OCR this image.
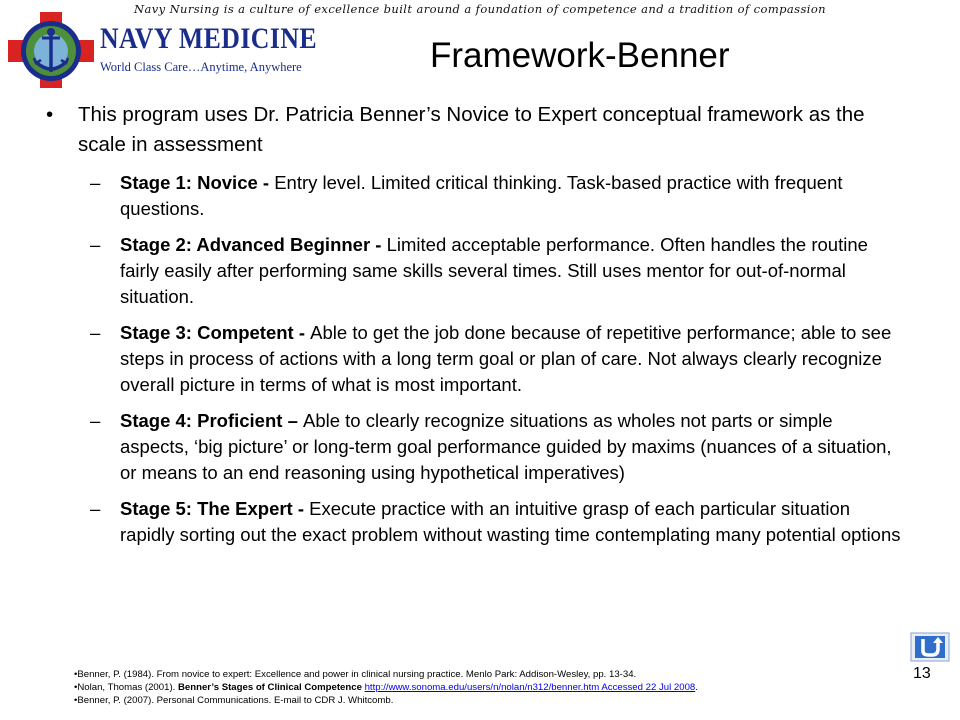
Navy Nursing is a culture of excellence built around a foundation of competence and a tradition of compassion
NAVY MEDICINE
World Class Care…Anytime, Anywhere	Framework-Benner
• This program uses Dr. Patricia Benner’s Novice to Expert conceptual framework as the scale in assessment
– Stage 1: Novice - Entry level. Limited critical thinking. Task-based practice with frequent questions.
– Stage 2: Advanced Beginner - Limited acceptable performance. Often handles the routine fairly easily after performing same skills several times. Still uses mentor for out-of-normal situation.
– Stage 3: Competent - Able to get the job done because of repetitive performance; able to see steps in process of actions with a long term goal or plan of care. Not always clearly recognize overall picture in terms of what is most important.
– Stage 4: Proficient – Able to clearly recognize situations as wholes not parts or simple aspects, ‘big picture’ or long-term goal performance guided by maxims (nuances of a situation, or means to an end reasoning using hypothetical imperatives)
– Stage 5: The Expert - Execute practice with an intuitive grasp of each particular situation rapidly sorting out the exact problem without wasting time contemplating many potential options
•Benner, P. (1984). From novice to expert: Excellence and power in clinical nursing practice. Menlo Park: Addison-Wesley, pp. 13-34.
•Nolan, Thomas (2001). Benner’s Stages of Clinical Competence http://www.sonoma.edu/users/n/nolan/n312/benner.htm Accessed 22 Jul 2008.
•Benner, P. (2007). Personal Communications. E-mail to CDR J. Whitcomb.
13
